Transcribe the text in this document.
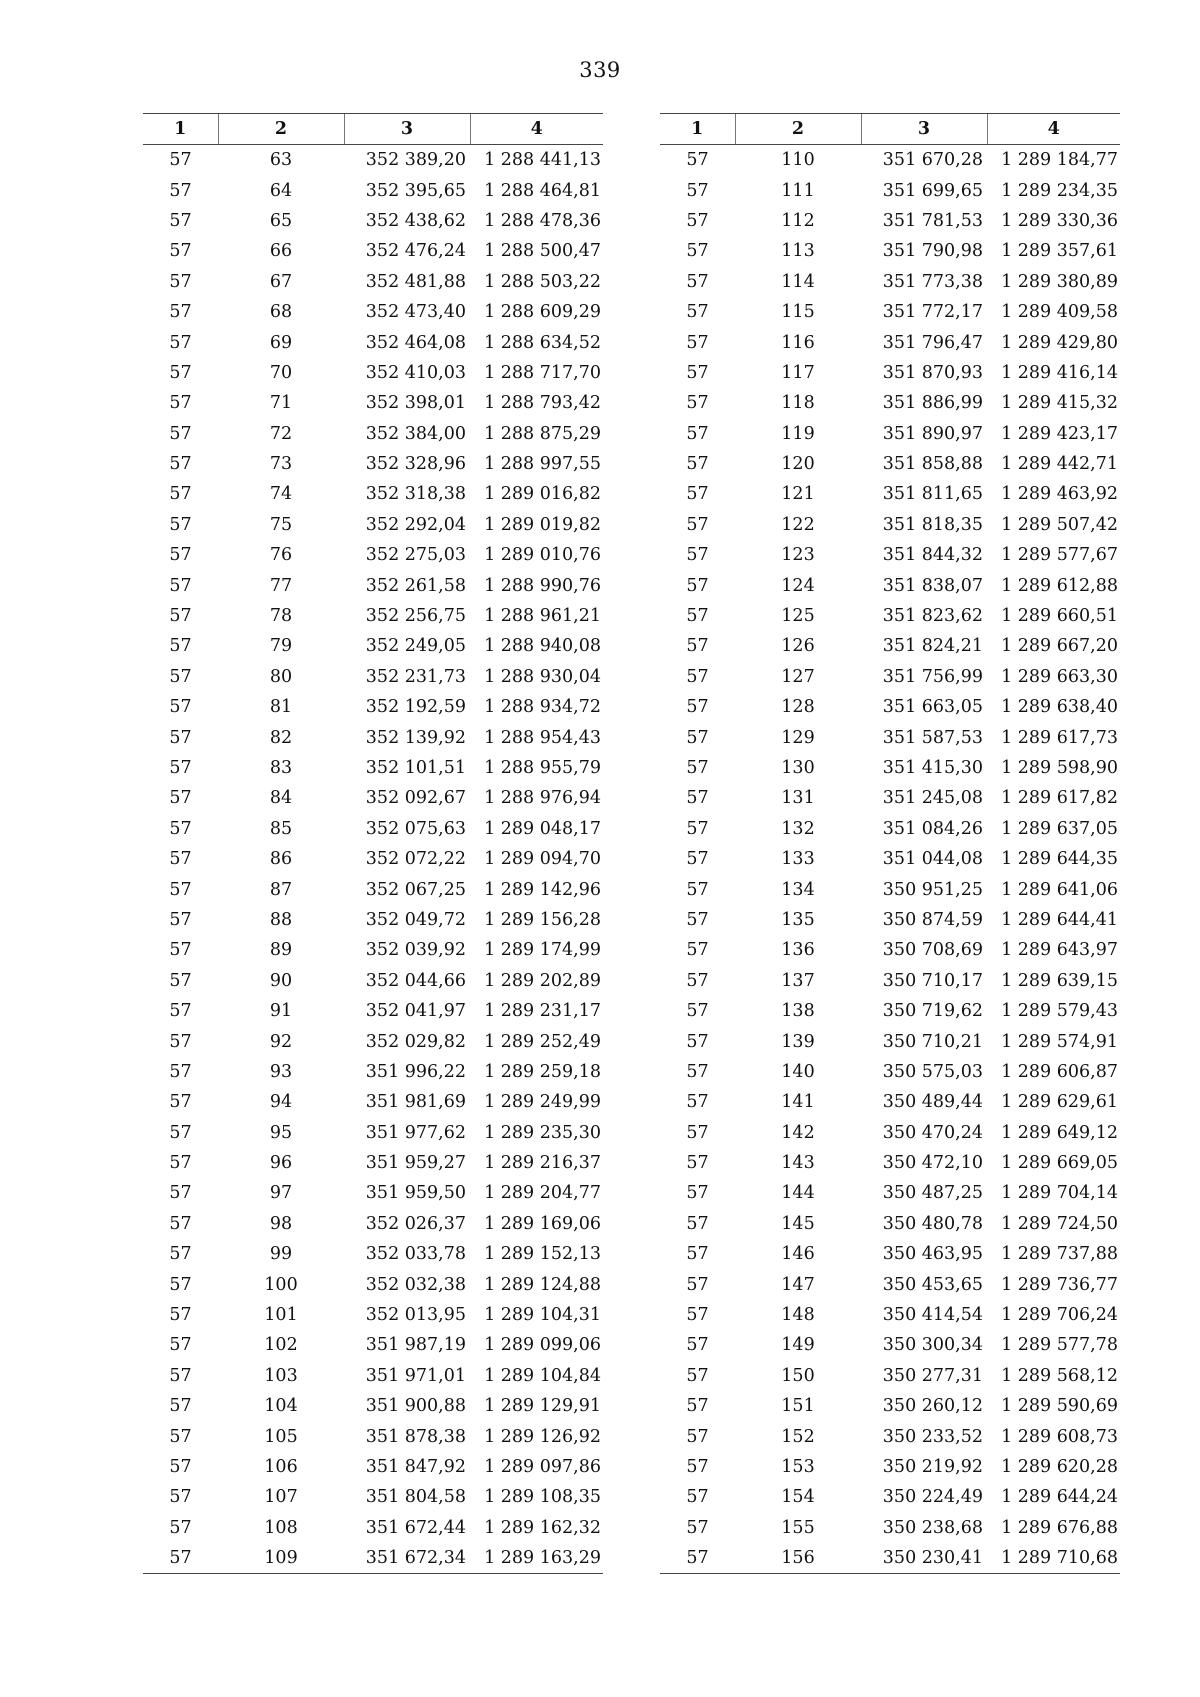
339
1	2	3	4
57	63	352 389,20	1 288 441,13
57	64	352 395,65	1 288 464,81
57	65	352 438,62	1 288 478,36
57	66	352 476,24	1 288 500,47
57	67	352 481,88	1 288 503,22
57	68	352 473,40	1 288 609,29
57	69	352 464,08	1 288 634,52
57	70	352 410,03	1 288 717,70
57	71	352 398,01	1 288 793,42
57	72	352 384,00	1 288 875,29
57	73	352 328,96	1 288 997,55
57	74	352 318,38	1 289 016,82
57	75	352 292,04	1 289 019,82
57	76	352 275,03	1 289 010,76
57	77	352 261,58	1 288 990,76
57	78	352 256,75	1 288 961,21
57	79	352 249,05	1 288 940,08
57	80	352 231,73	1 288 930,04
57	81	352 192,59	1 288 934,72
57	82	352 139,92	1 288 954,43
57	83	352 101,51	1 288 955,79
57	84	352 092,67	1 288 976,94
57	85	352 075,63	1 289 048,17
57	86	352 072,22	1 289 094,70
57	87	352 067,25	1 289 142,96
57	88	352 049,72	1 289 156,28
57	89	352 039,92	1 289 174,99
57	90	352 044,66	1 289 202,89
57	91	352 041,97	1 289 231,17
57	92	352 029,82	1 289 252,49
57	93	351 996,22	1 289 259,18
57	94	351 981,69	1 289 249,99
57	95	351 977,62	1 289 235,30
57	96	351 959,27	1 289 216,37
57	97	351 959,50	1 289 204,77
57	98	352 026,37	1 289 169,06
57	99	352 033,78	1 289 152,13
57	100	352 032,38	1 289 124,88
57	101	352 013,95	1 289 104,31
57	102	351 987,19	1 289 099,06
57	103	351 971,01	1 289 104,84
57	104	351 900,88	1 289 129,91
57	105	351 878,38	1 289 126,92
57	106	351 847,92	1 289 097,86
57	107	351 804,58	1 289 108,35
57	108	351 672,44	1 289 162,32
57	109	351 672,34	1 289 163,29
1	2	3	4
57	110	351 670,28	1 289 184,77
57	111	351 699,65	1 289 234,35
57	112	351 781,53	1 289 330,36
57	113	351 790,98	1 289 357,61
57	114	351 773,38	1 289 380,89
57	115	351 772,17	1 289 409,58
57	116	351 796,47	1 289 429,80
57	117	351 870,93	1 289 416,14
57	118	351 886,99	1 289 415,32
57	119	351 890,97	1 289 423,17
57	120	351 858,88	1 289 442,71
57	121	351 811,65	1 289 463,92
57	122	351 818,35	1 289 507,42
57	123	351 844,32	1 289 577,67
57	124	351 838,07	1 289 612,88
57	125	351 823,62	1 289 660,51
57	126	351 824,21	1 289 667,20
57	127	351 756,99	1 289 663,30
57	128	351 663,05	1 289 638,40
57	129	351 587,53	1 289 617,73
57	130	351 415,30	1 289 598,90
57	131	351 245,08	1 289 617,82
57	132	351 084,26	1 289 637,05
57	133	351 044,08	1 289 644,35
57	134	350 951,25	1 289 641,06
57	135	350 874,59	1 289 644,41
57	136	350 708,69	1 289 643,97
57	137	350 710,17	1 289 639,15
57	138	350 719,62	1 289 579,43
57	139	350 710,21	1 289 574,91
57	140	350 575,03	1 289 606,87
57	141	350 489,44	1 289 629,61
57	142	350 470,24	1 289 649,12
57	143	350 472,10	1 289 669,05
57	144	350 487,25	1 289 704,14
57	145	350 480,78	1 289 724,50
57	146	350 463,95	1 289 737,88
57	147	350 453,65	1 289 736,77
57	148	350 414,54	1 289 706,24
57	149	350 300,34	1 289 577,78
57	150	350 277,31	1 289 568,12
57	151	350 260,12	1 289 590,69
57	152	350 233,52	1 289 608,73
57	153	350 219,92	1 289 620,28
57	154	350 224,49	1 289 644,24
57	155	350 238,68	1 289 676,88
57	156	350 230,41	1 289 710,68
